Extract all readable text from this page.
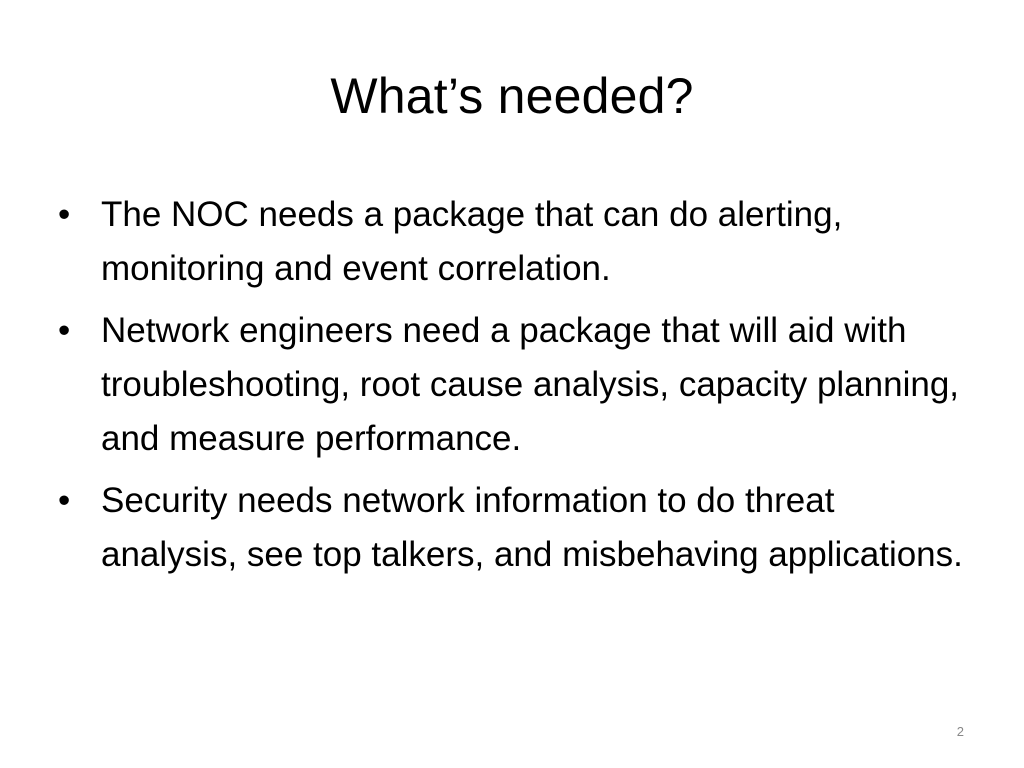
What’s needed?
• The NOC needs a package that can do alerting, monitoring and event correlation.
• Network engineers need a package that will aid with troubleshooting, root cause analysis, capacity planning, and measure performance.
• Security needs network information to do threat analysis, see top talkers, and misbehaving applications.
2
